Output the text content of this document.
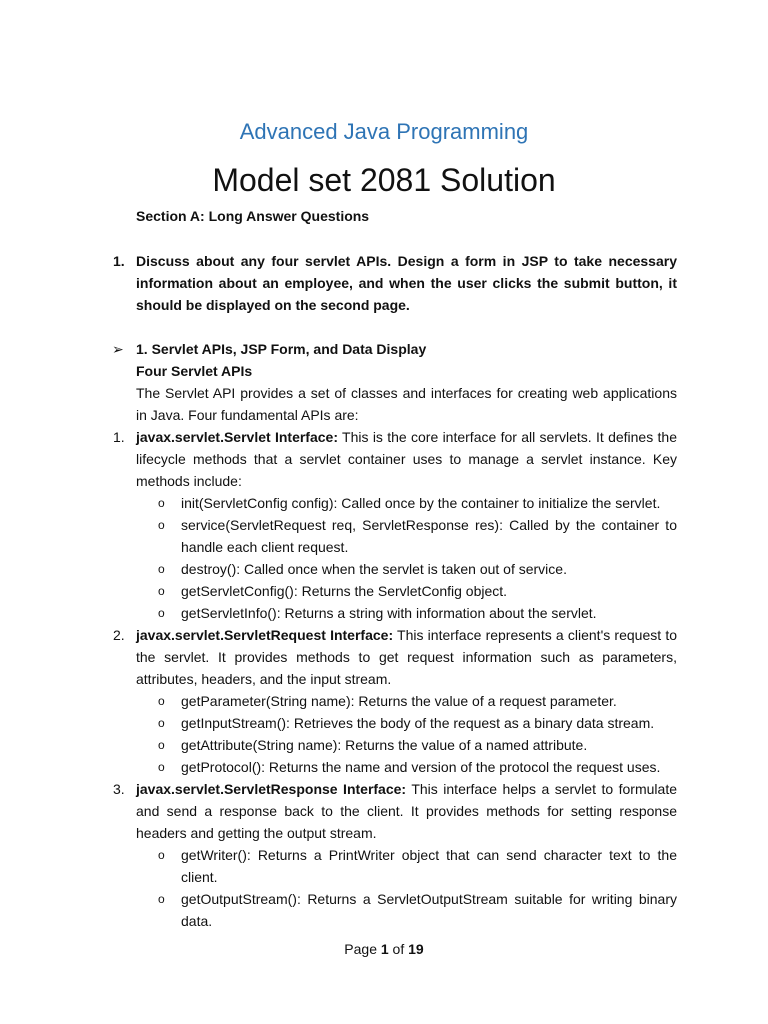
Advanced Java Programming
Model set 2081 Solution
Section A: Long Answer Questions
1. Discuss about any four servlet APIs. Design a form in JSP to take necessary information about an employee, and when the user clicks the submit button, it should be displayed on the second page.
➢ 1. Servlet APIs, JSP Form, and Data Display
Four Servlet APIs
The Servlet API provides a set of classes and interfaces for creating web applications in Java. Four fundamental APIs are:
1. javax.servlet.Servlet Interface: This is the core interface for all servlets. It defines the lifecycle methods that a servlet container uses to manage a servlet instance. Key methods include:
o init(ServletConfig config): Called once by the container to initialize the servlet.
o service(ServletRequest req, ServletResponse res): Called by the container to handle each client request.
o destroy(): Called once when the servlet is taken out of service.
o getServletConfig(): Returns the ServletConfig object.
o getServletInfo(): Returns a string with information about the servlet.
2. javax.servlet.ServletRequest Interface: This interface represents a client's request to the servlet. It provides methods to get request information such as parameters, attributes, headers, and the input stream.
o getParameter(String name): Returns the value of a request parameter.
o getInputStream(): Retrieves the body of the request as a binary data stream.
o getAttribute(String name): Returns the value of a named attribute.
o getProtocol(): Returns the name and version of the protocol the request uses.
3. javax.servlet.ServletResponse Interface: This interface helps a servlet to formulate and send a response back to the client. It provides methods for setting response headers and getting the output stream.
o getWriter(): Returns a PrintWriter object that can send character text to the client.
o getOutputStream(): Returns a ServletOutputStream suitable for writing binary data.
Page 1 of 19
